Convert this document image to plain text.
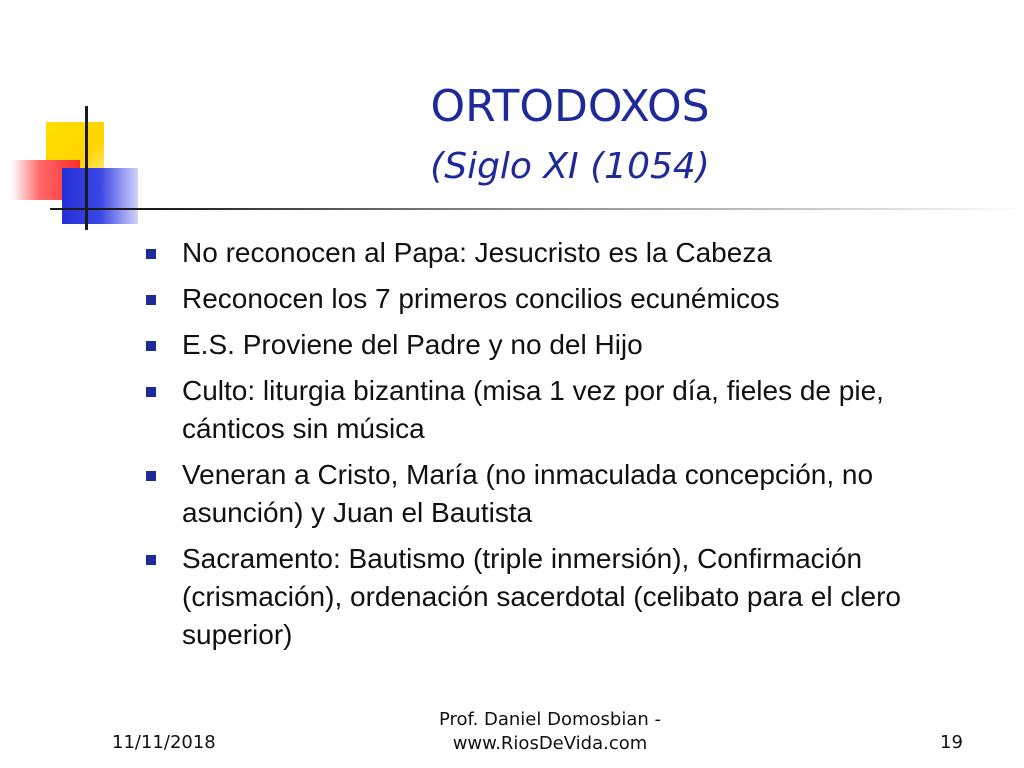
ORTODOXOS
(Siglo XI (1054)
No reconocen al Papa: Jesucristo es la Cabeza
Reconocen los 7 primeros concilios ecunémicos
E.S. Proviene del Padre y no del Hijo
Culto: liturgia bizantina (misa 1 vez por día, fieles de pie, cánticos sin música
Veneran a Cristo, María (no inmaculada concepción, no asunción) y Juan el Bautista
Sacramento: Bautismo (triple inmersión), Confirmación (crismación), ordenación sacerdotal (celibato para el clero superior)
11/11/2018
Prof. Daniel Domosbian -
www.RiosDeVida.com	19
